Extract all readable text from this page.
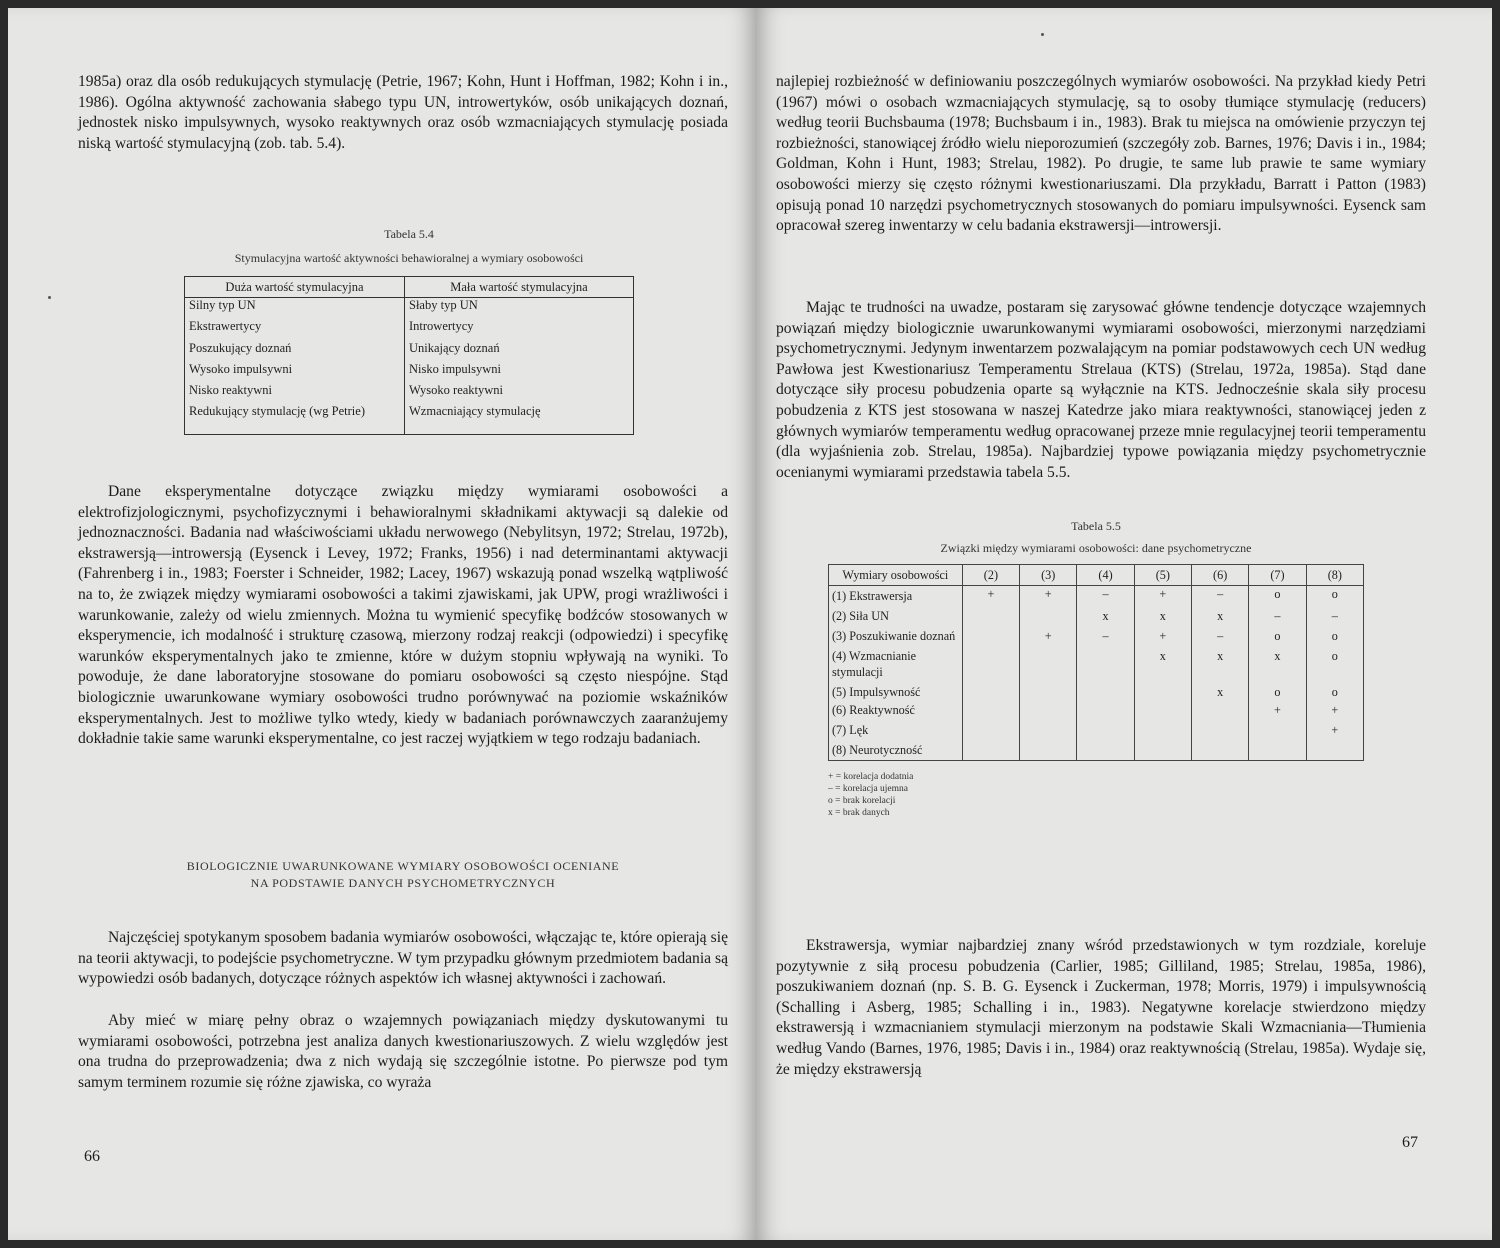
1985a) oraz dla osób redukujących stymulację (Petrie, 1967; Kohn, Hunt i Hoffman, 1982; Kohn i in., 1986). Ogólna aktywność zachowania słabego typu UN, introwertyków, osób unikających doznań, jednostek nisko impulsywnych, wysoko reaktywnych oraz osób wzmacniających stymulację posiada niską wartość stymulacyjną (zob. tab. 5.4).

Tabela 5.4
Stymulacyjna wartość aktywności behawioralnej a wymiary osobowości
Duża wartość stymulacyjna	Mała wartość stymulacyjna
Silny typ UN	Słaby typ UN
Ekstrawertycy	Introwertycy
Poszukujący doznań	Unikający doznań
Wysoko impulsywni	Nisko impulsywni
Nisko reaktywni	Wysoko reaktywni
Redukujący stymulację (wg Petrie)	Wzmacniający stymulację

Dane eksperymentalne dotyczące związku między wymiarami osobowości a elektrofizjologicznymi, psychofizycznymi i behawioralnymi składnikami aktywacji są dalekie od jednoznaczności. Badania nad właściwościami układu nerwowego (Nebylitsyn, 1972; Strelau, 1972b), ekstrawersją—introwersją (Eysenck i Levey, 1972; Franks, 1956) i nad determinantami aktywacji (Fahrenberg i in., 1983; Foerster i Schneider, 1982; Lacey, 1967) wskazują ponad wszelką wątpliwość na to, że związek między wymiarami osobowości a takimi zjawiskami, jak UPW, progi wrażliwości i warunkowanie, zależy od wielu zmiennych. Można tu wymienić specyfikę bodźców stosowanych w eksperymencie, ich modalność i strukturę czasową, mierzony rodzaj reakcji (odpowiedzi) i specyfikę warunków eksperymentalnych jako te zmienne, które w dużym stopniu wpływają na wyniki. To powoduje, że dane laboratoryjne stosowane do pomiaru osobowości są często niespójne. Stąd biologicznie uwarunkowane wymiary osobowości trudno porównywać na poziomie wskaźników eksperymentalnych. Jest to możliwe tylko wtedy, kiedy w badaniach porównawczych zaaranżujemy dokładnie takie same warunki eksperymentalne, co jest raczej wyjątkiem w tego rodzaju badaniach.

BIOLOGICZNIE UWARUNKOWANE WYMIARY OSOBOWOŚCI OCENIANE
NA PODSTAWIE DANYCH PSYCHOMETRYCZNYCH

Najczęściej spotykanym sposobem badania wymiarów osobowości, włączając te, które opierają się na teorii aktywacji, to podejście psychometryczne. W tym przypadku głównym przedmiotem badania są wypowiedzi osób badanych, dotyczące różnych aspektów ich własnej aktywności i zachowań.

Aby mieć w miarę pełny obraz o wzajemnych powiązaniach między dyskutowanymi tu wymiarami osobowości, potrzebna jest analiza danych kwestionariuszowych. Z wielu względów jest ona trudna do przeprowadzenia; dwa z nich wydają się szczególnie istotne. Po pierwsze pod tym samym terminem rozumie się różne zjawiska, co wyraża

66

najlepiej rozbieżność w definiowaniu poszczególnych wymiarów osobowości. Na przykład kiedy Petri (1967) mówi o osobach wzmacniających stymulację, są to osoby tłumiące stymulację (reducers) według teorii Buchsbauma (1978; Buchsbaum i in., 1983). Brak tu miejsca na omówienie przyczyn tej rozbieżności, stanowiącej źródło wielu nieporozumień (szczegóły zob. Barnes, 1976; Davis i in., 1984; Goldman, Kohn i Hunt, 1983; Strelau, 1982). Po drugie, te same lub prawie te same wymiary osobowości mierzy się często różnymi kwestionariuszami. Dla przykładu, Barratt i Patton (1983) opisują ponad 10 narzędzi psychometrycznych stosowanych do pomiaru impulsywności. Eysenck sam opracował szereg inwentarzy w celu badania ekstrawersji—introwersji.

Mając te trudności na uwadze, postaram się zarysować główne tendencje dotyczące wzajemnych powiązań między biologicznie uwarunkowanymi wymiarami osobowości, mierzonymi narzędziami psychometrycznymi. Jedynym inwentarzem pozwalającym na pomiar podstawowych cech UN według Pawłowa jest Kwestionariusz Temperamentu Strelaua (KTS) (Strelau, 1972a, 1985a). Stąd dane dotyczące siły procesu pobudzenia oparte są wyłącznie na KTS. Jednocześnie skala siły procesu pobudzenia z KTS jest stosowana w naszej Katedrze jako miara reaktywności, stanowiącej jeden z głównych wymiarów temperamentu według opracowanej przeze mnie regulacyjnej teorii temperamentu (dla wyjaśnienia zob. Strelau, 1985a). Najbardziej typowe powiązania między psychometrycznie ocenianymi wymiarami przedstawia tabela 5.5.

Tabela 5.5
Związki między wymiarami osobowości: dane psychometryczne
Wymiary osobowości	(2)	(3)	(4)	(5)	(6)	(7)	(8)
(1) Ekstrawersja	+	+	–	+	–	o	o
(2) Siła UN			x	x	x	–	–
(3) Poszukiwanie doznań		+	–	+	–	o	o
(4) Wzmacnianie stymulacji				x	x	x	o
(5) Impulsywność					x	o	o
(6) Reaktywność						+	+
(7) Lęk							+
(8) Neurotyczność							
+ = korelacja dodatnia
– = korelacja ujemna
o = brak korelacji
x = brak danych

Ekstrawersja, wymiar najbardziej znany wśród przedstawionych w tym rozdziale, koreluje pozytywnie z siłą procesu pobudzenia (Carlier, 1985; Gilliland, 1985; Strelau, 1985a, 1986), poszukiwaniem doznań (np. S. B. G. Eysenck i Zuckerman, 1978; Morris, 1979) i impulsywnością (Schalling i Asberg, 1985; Schalling i in., 1983). Negatywne korelacje stwierdzono między ekstrawersją i wzmacnianiem stymulacji mierzonym na podstawie Skali Wzmacniania—Tłumienia według Vando (Barnes, 1976, 1985; Davis i in., 1984) oraz reaktywnością (Strelau, 1985a). Wydaje się, że między ekstrawersją

67
